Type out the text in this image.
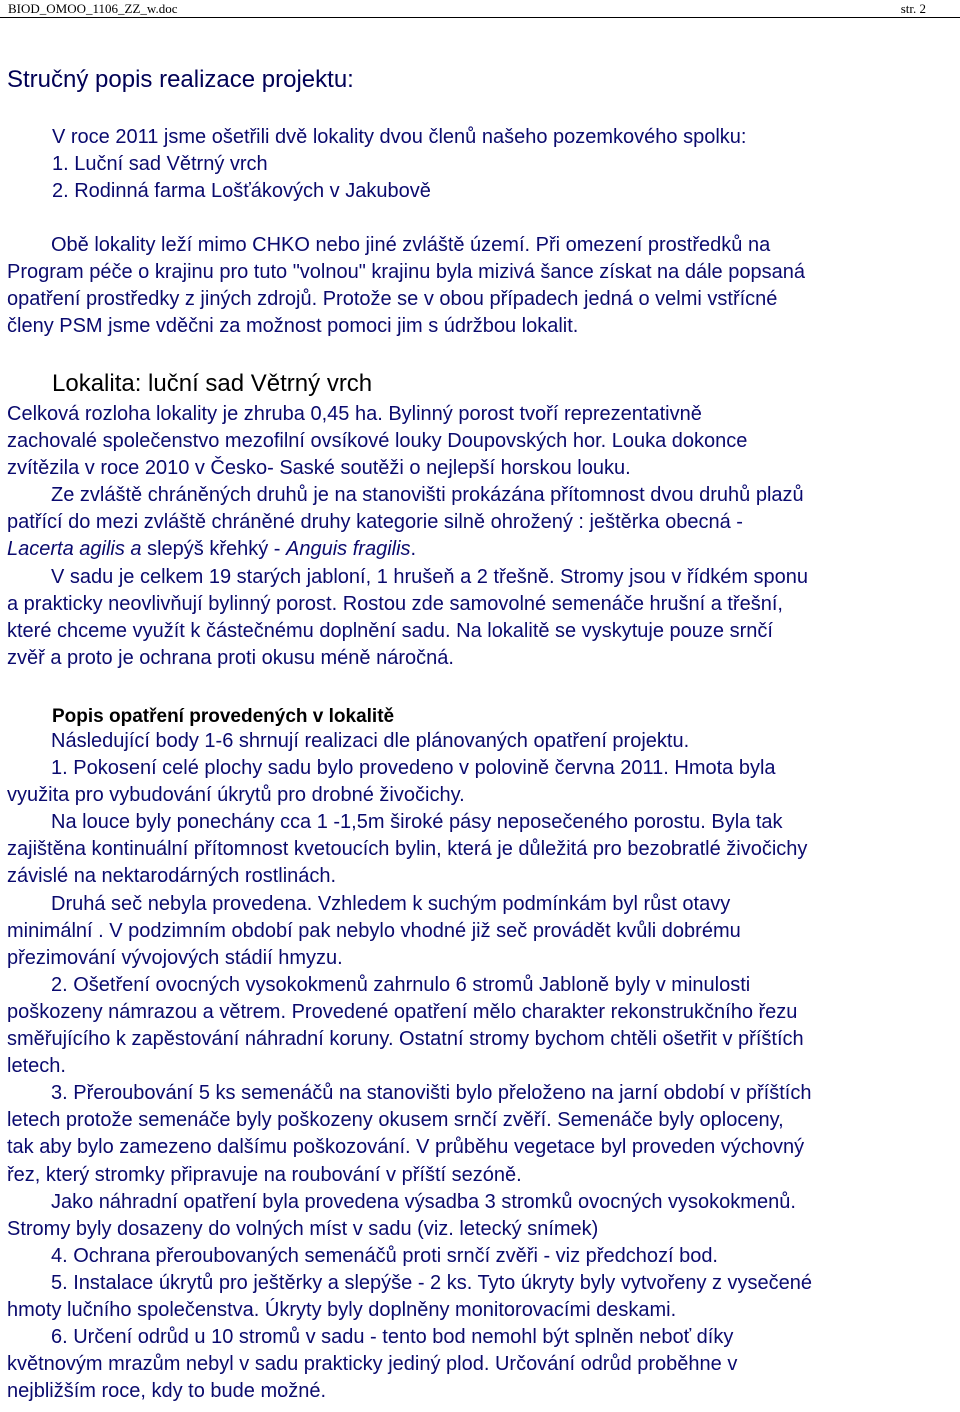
BIOD_OMOO_1106_ZZ_w.doc	str. 2
Stručný popis realizace projektu:
V roce 2011 jsme ošetřili dvě lokality dvou členů našeho pozemkového spolku:
1. Luční sad Větrný vrch
2. Rodinná farma Lošťákových v Jakubově
Obě lokality leží mimo CHKO nebo jiné zvláště území. Při omezení prostředků na
Program péče o krajinu pro tuto "volnou" krajinu byla mizivá šance získat na dále popsaná
opatření prostředky z jiných zdrojů. Protože se v obou případech jedná o velmi vstřícné
členy PSM jsme vděčni za možnost pomoci jim s údržbou lokalit.
Lokalita: luční sad Větrný vrch
Celková rozloha lokality je zhruba 0,45 ha. Bylinný porost tvoří reprezentativně
zachovalé společenstvo mezofilní ovsíkové louky Doupovských hor. Louka dokonce
zvítězila v roce 2010 v Česko- Saské soutěži o nejlepší horskou louku.
Ze zvláště chráněných druhů je na stanovišti prokázána přítomnost dvou druhů plazů
patřící do mezi zvláště chráněné druhy kategorie silně ohrožený : ještěrka obecná -
Lacerta agilis a slepýš křehký - Anguis fragilis.
V sadu je celkem 19 starých jabloní, 1 hrušeň a 2 třešně. Stromy jsou v řídkém sponu
a prakticky neovlivňují bylinný porost. Rostou zde samovolné semenáče hrušní a třešní,
které chceme využít k částečnému doplnění sadu. Na lokalitě se vyskytuje pouze srnčí
zvěř a proto je ochrana proti okusu méně náročná.
Popis opatření provedených v lokalitě
Následující body 1-6 shrnují realizaci dle plánovaných opatření projektu.
1. Pokosení celé plochy sadu bylo provedeno v polovině června 2011. Hmota byla
využita pro vybudování úkrytů pro drobné živočichy.
Na louce byly ponechány cca 1 -1,5m široké pásy neposečeného porostu. Byla tak
zajištěna kontinuální přítomnost kvetoucích bylin, která je důležitá pro bezobratlé živočichy
závislé na nektarodárných rostlinách.
Druhá seč nebyla provedena. Vzhledem k suchým podmínkám byl růst otavy
minimální . V podzimním období pak nebylo vhodné již seč provádět kvůli dobrému
přezimování vývojových stádií hmyzu.
2. Ošetření ovocných vysokokmenů zahrnulo 6 stromů Jabloně byly v minulosti
poškozeny námrazou a větrem. Provedené opatření mělo charakter rekonstrukčního řezu
směřujícího k zapěstování náhradní koruny. Ostatní stromy bychom chtěli ošetřit v příštích
letech.
3. Přeroubování 5 ks semenáčů na stanovišti bylo přeloženo na jarní období v příštích
letech protože semenáče byly poškozeny okusem srnčí zvěří. Semenáče byly oploceny,
tak aby bylo zamezeno dalšímu poškozování. V průběhu vegetace byl proveden výchovný
řez, který stromky připravuje na roubování v příští sezóně.
Jako náhradní opatření byla provedena výsadba 3 stromků ovocných vysokokmenů.
Stromy byly dosazeny do volných míst v sadu (viz. letecký snímek)
4. Ochrana přeroubovaných semenáčů proti srnčí zvěři - viz předchozí bod.
5. Instalace úkrytů pro ještěrky a slepýše - 2 ks. Tyto úkryty byly vytvořeny z vysečené
hmoty lučního společenstva. Úkryty byly doplněny monitorovacími deskami.
6. Určení odrůd u 10 stromů v sadu - tento bod nemohl být splněn neboť díky
květnovým mrazům nebyl v sadu prakticky jediný plod. Určování odrůd proběhne v
nejbližším roce, kdy to bude možné.
